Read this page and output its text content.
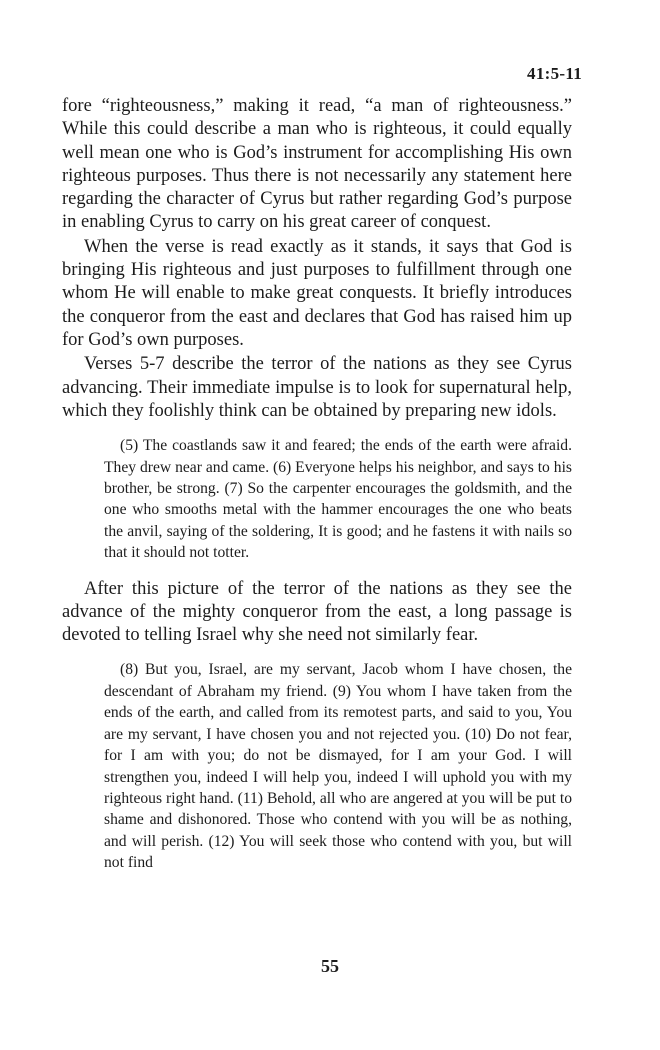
41:5-11

fore “righteousness,” making it read, “a man of righteousness.” While this could describe a man who is righteous, it could equally well mean one who is God’s instrument for accomplishing His own righteous purposes. Thus there is not necessarily any statement here regarding the character of Cyrus but rather regarding God’s purpose in enabling Cyrus to carry on his great career of conquest.

When the verse is read exactly as it stands, it says that God is bringing His righteous and just purposes to fulfillment through one whom He will enable to make great conquests. It briefly introduces the conqueror from the east and declares that God has raised him up for God’s own purposes.

Verses 5-7 describe the terror of the nations as they see Cyrus advancing. Their immediate impulse is to look for supernatural help, which they foolishly think can be obtained by preparing new idols.

(5) The coastlands saw it and feared; the ends of the earth were afraid. They drew near and came. (6) Everyone helps his neighbor, and says to his brother, be strong. (7) So the carpenter encourages the goldsmith, and the one who smooths metal with the hammer encourages the one who beats the anvil, saying of the soldering, It is good; and he fastens it with nails so that it should not totter.

After this picture of the terror of the nations as they see the advance of the mighty conqueror from the east, a long passage is devoted to telling Israel why she need not similarly fear.

(8) But you, Israel, are my servant, Jacob whom I have chosen, the descendant of Abraham my friend. (9) You whom I have taken from the ends of the earth, and called from its remotest parts, and said to you, You are my servant, I have chosen you and not rejected you. (10) Do not fear, for I am with you; do not be dismayed, for I am your God. I will strengthen you, indeed I will help you, indeed I will uphold you with my righteous right hand. (11) Behold, all who are angered at you will be put to shame and dishonored. Those who contend with you will be as nothing, and will perish. (12) You will seek those who contend with you, but will not find

55
